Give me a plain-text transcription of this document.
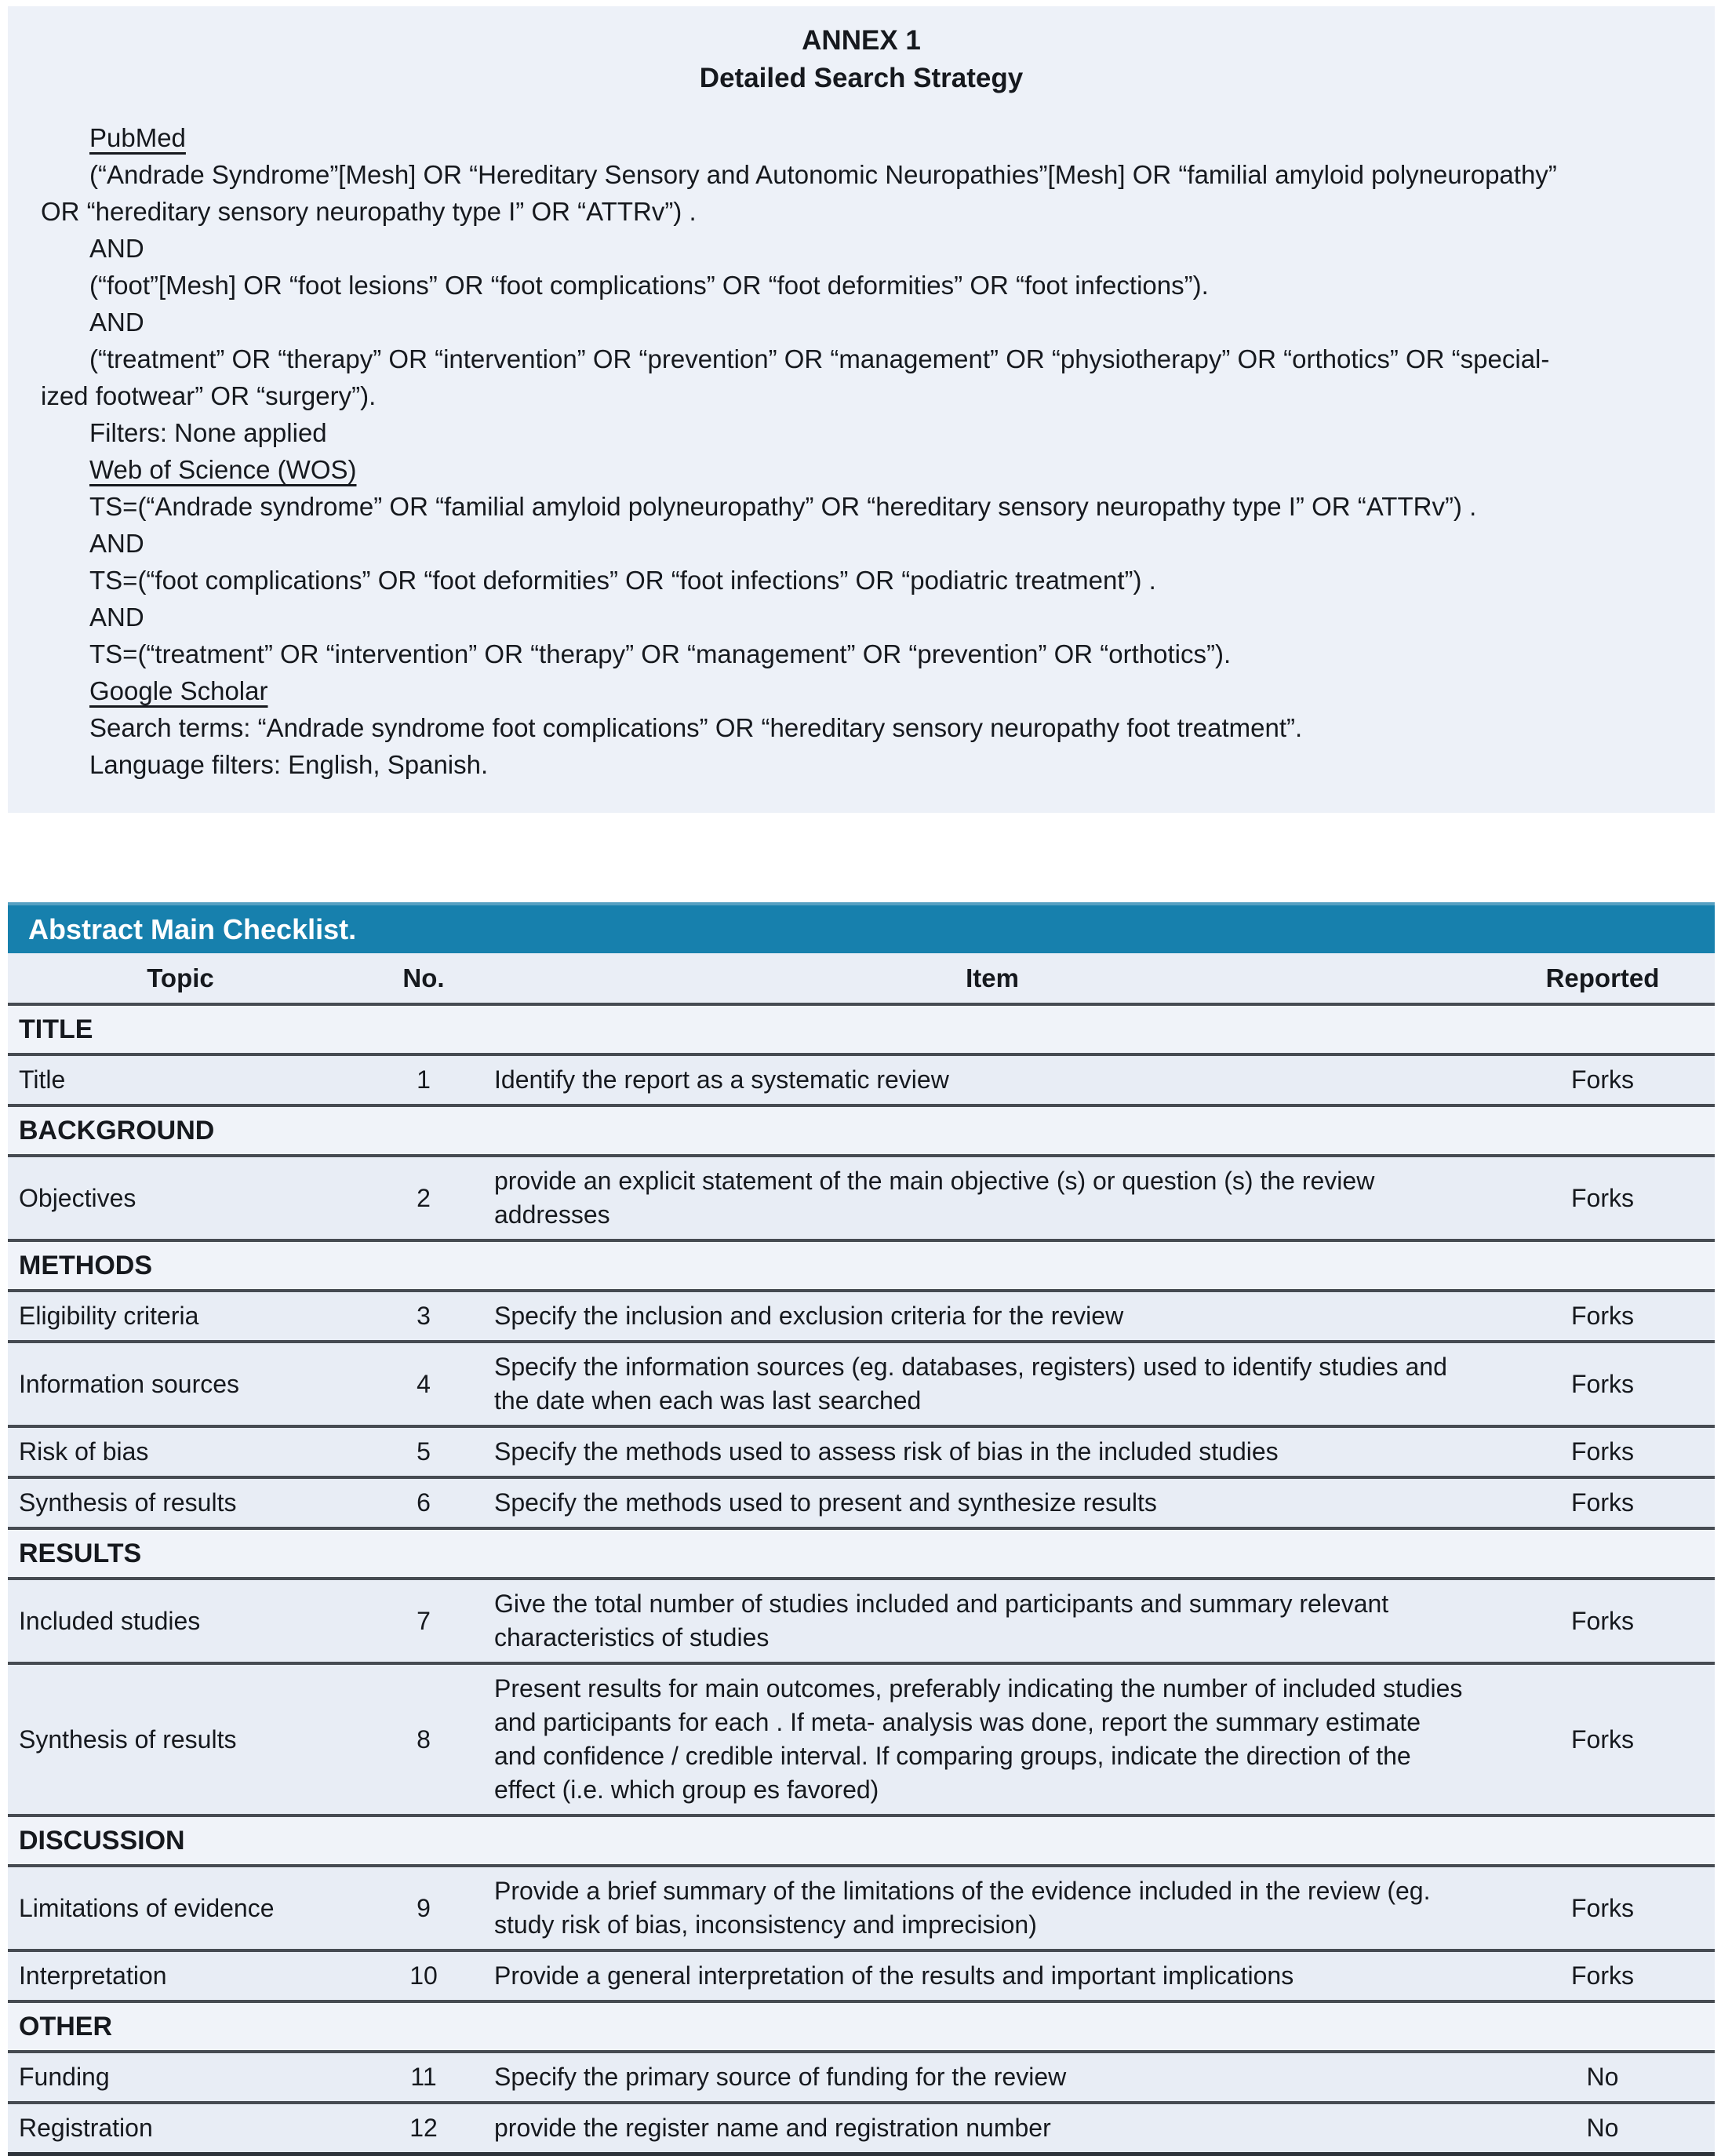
ANNEX 1

Detailed Search Strategy

PubMed
(“Andrade Syndrome”[Mesh] OR “Hereditary Sensory and Autonomic Neuropathies”[Mesh] OR “familial amyloid polyneuropathy”
OR “hereditary sensory neuropathy type I” OR “ATTRv”) .
AND
(“foot”[Mesh] OR “foot lesions” OR “foot complications” OR “foot deformities” OR “foot infections”).
AND
(“treatment” OR “therapy” OR “intervention” OR “prevention” OR “management” OR “physiotherapy” OR “orthotics” OR “special-
ized footwear” OR “surgery”).
Filters: None applied
Web of Science (WOS)
TS=(“Andrade syndrome” OR “familial amyloid polyneuropathy” OR “hereditary sensory neuropathy type I” OR “ATTRv”) .
AND
TS=(“foot complications” OR “foot deformities” OR “foot infections” OR “podiatric treatment”) .
AND
TS=(“treatment” OR “intervention” OR “therapy” OR “management” OR “prevention” OR “orthotics”).
Google Scholar
Search terms: “Andrade syndrome foot complications” OR “hereditary sensory neuropathy foot treatment”.
Language filters: English, Spanish.
Abstract Main Checklist.
Topic	No.	Item	Reported
TITLE			
Title	1	Identify the report as a systematic review	Forks
BACKGROUND			
Objectives	2	provide an explicit statement of the main objective (s) or question (s) the review addresses	Forks
METHODS			
Eligibility criteria	3	Specify the inclusion and exclusion criteria for the review	Forks
Information sources	4	Specify the information sources (eg. databases, registers) used to identify studies and the date when each was last searched	Forks
Risk of bias	5	Specify the methods used to assess risk of bias in the included studies	Forks
Synthesis of results	6	Specify the methods used to present and synthesize results	Forks
RESULTS			
Included studies	7	Give the total number of studies included and participants and summary relevant characteristics of studies	Forks
Synthesis of results	8	Present results for main outcomes, preferably indicating the number of included studies and participants for each . If meta- analysis was done, report the summary estimate and confidence / credible interval. If comparing groups, indicate the direction of the effect (i.e. which group es favored)	Forks
DISCUSSION			
Limitations of evidence	9	Provide a brief summary of the limitations of the evidence included in the review (eg. study risk of bias, inconsistency and imprecision)	Forks
Interpretation	10	Provide a general interpretation of the results and important implications	Forks
OTHER			
Funding	11	Specify the primary source of funding for the review	No
Registration	12	provide the register name and registration number	No
